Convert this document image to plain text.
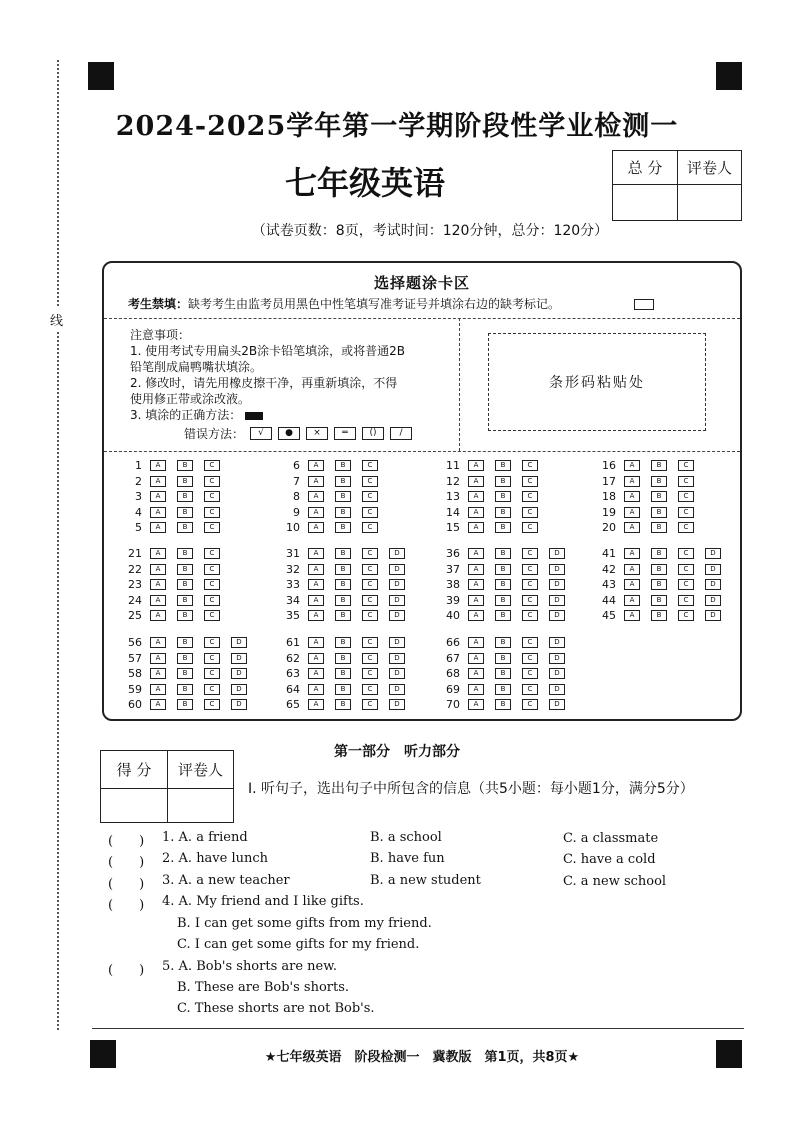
线
2024-2025学年第一学期阶段性学业检测一
七年级英语
（试卷页数：8页，考试时间：120分钟，总分：120分）
总 分	评卷人

选择题涂卡区
考生禁填：缺考考生由监考员用黑色中性笔填写准考证号并填涂右边的缺考标记。

注意事项：

1. 使用考试专用扁头2B涂卡铅笔填涂，或将普通2B

铅笔削成扁鸭嘴状填涂。

2. 修改时，请先用橡皮擦干净，再重新填涂，不得

使用修正带或涂改液。

3. 填涂的正确方法：

错误方法：	√	●	×	═	()	/
条形码粘贴处
1	A	B	C
2	A	B	C
3	A	B	C
4	A	B	C
5	A	B	C
6	A	B	C
7	A	B	C
8	A	B	C
9	A	B	C
10	A	B	C
11	A	B	C
12	A	B	C
13	A	B	C
14	A	B	C
15	A	B	C
16	A	B	C
17	A	B	C
18	A	B	C
19	A	B	C
20	A	B	C
21	A	B	C
22	A	B	C
23	A	B	C
24	A	B	C
25	A	B	C
31	A	B	C	D
32	A	B	C	D
33	A	B	C	D
34	A	B	C	D
35	A	B	C	D
36	A	B	C	D
37	A	B	C	D
38	A	B	C	D
39	A	B	C	D
40	A	B	C	D
41	A	B	C	D
42	A	B	C	D
43	A	B	C	D
44	A	B	C	D
45	A	B	C	D
56	A	B	C	D
57	A	B	C	D
58	A	B	C	D
59	A	B	C	D
60	A	B	C	D
61	A	B	C	D
62	A	B	C	D
63	A	B	C	D
64	A	B	C	D
65	A	B	C	D
66	A	B	C	D
67	A	B	C	D
68	A	B	C	D
69	A	B	C	D
70	A	B	C	D
第一部分　听力部分
得 分	评卷人

Ⅰ. 听句子，选出句子中所包含的信息（共5小题：每小题1分，满分5分）
(　　) 1. A. a friend	B. a school	C. a classmate
(　　) 2. A. have lunch	B. have fun	C. have a cold
(　　) 3. A. a new teacher	B. a new student	C. a new school
(　　) 4. A. My friend and I like gifts.
B. I can get some gifts from my friend.
C. I can get some gifts for my friend.
(　　) 5. A. Bob's shorts are new.
B. These are Bob's shorts.
C. These shorts are not Bob's.
★七年级英语　阶段检测一　冀教版　第1页，共8页★
